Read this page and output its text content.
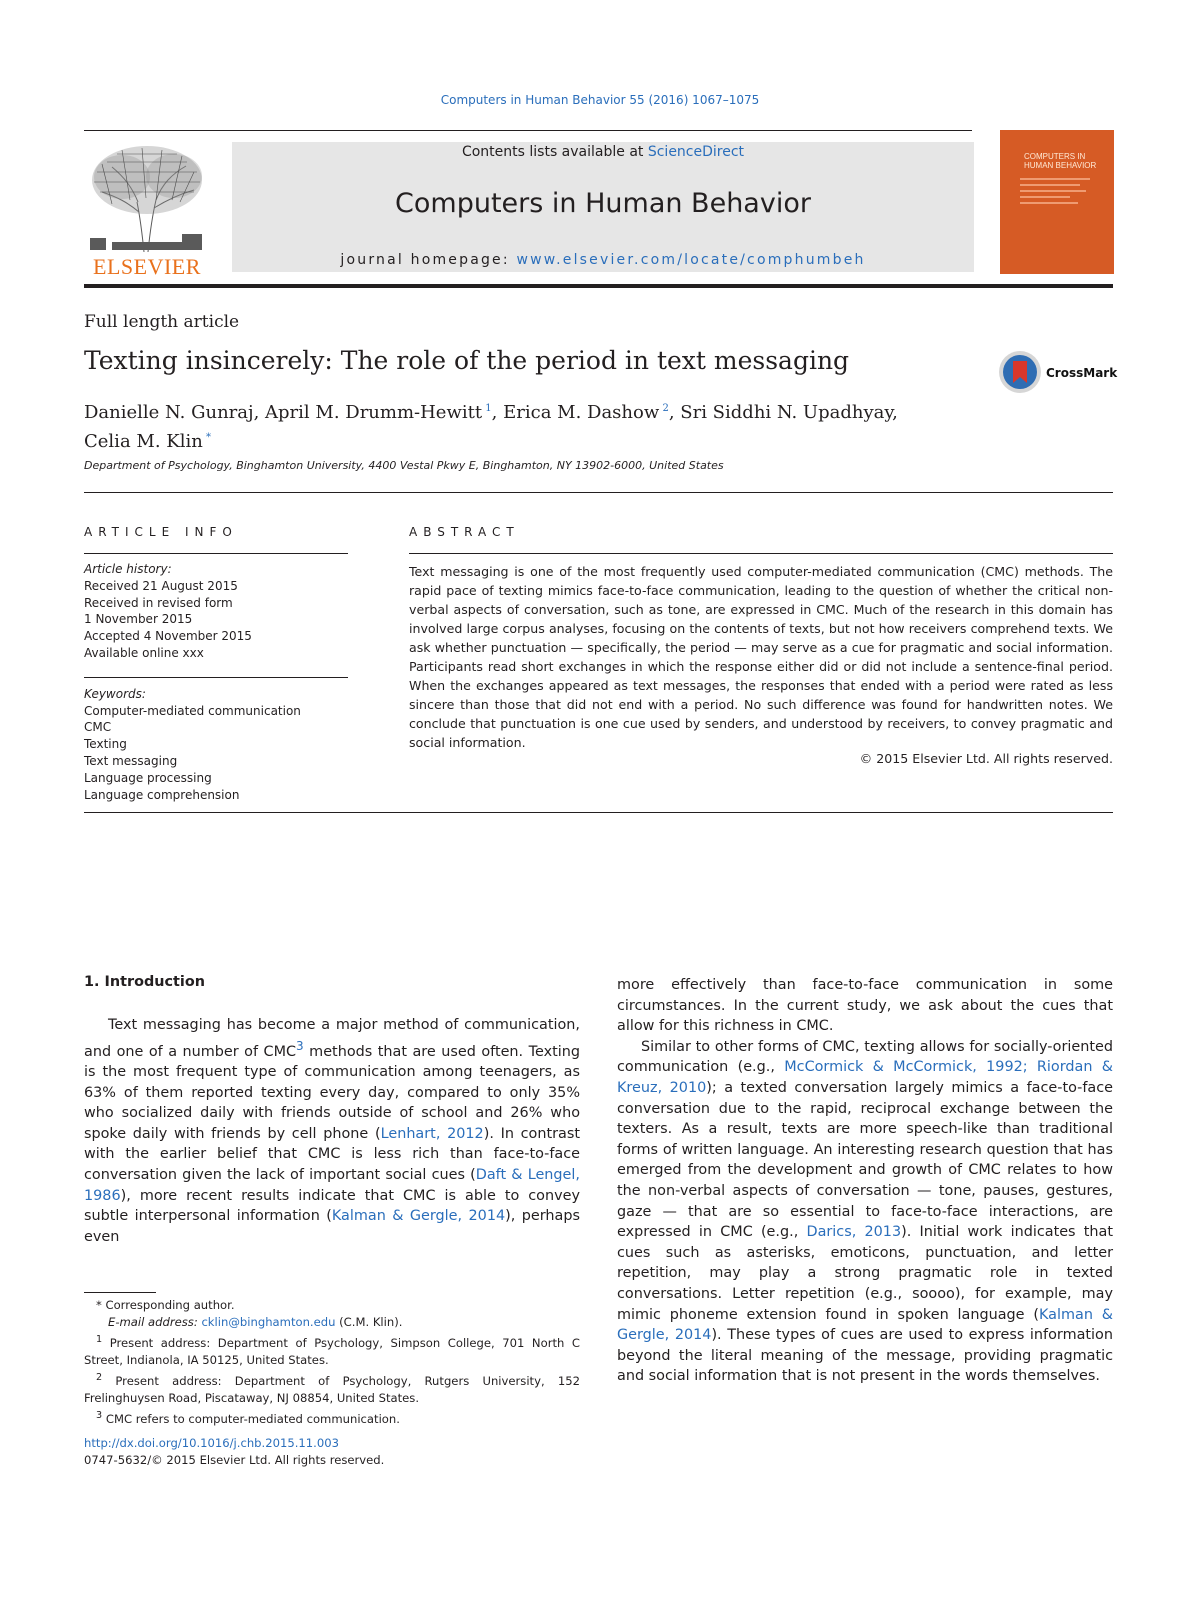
Computers in Human Behavior 55 (2016) 1067–1075
ELSEVIER
Contents lists available at ScienceDirect
Computers in Human Behavior
journal homepage: www.elsevier.com/locate/comphumbeh
COMPUTERS IN HUMAN BEHAVIOR
Full length article
Texting insincerely: The role of the period in text messaging	CrossMark
Danielle N. Gunraj, April M. Drumm-Hewitt $^1$, Erica M. Dashow $^2$, Sri Siddhi N. Upadhyay,
Celia M. Klin *
Department of Psychology, Binghamton University, 4400 Vestal Pkwy E, Binghamton, NY 13902-6000, United States
ARTICLE INFO	ABSTRACT
Article history:
Received 21 August 2015
Received in revised form
1 November 2015
Accepted 4 November 2015
Available online xxx
Keywords:
Computer-mediated communication
CMC
Texting
Text messaging
Language processing
Language comprehension
Text messaging is one of the most frequently used computer-mediated communication (CMC) methods. The rapid pace of texting mimics face-to-face communication, leading to the question of whether the critical non-verbal aspects of conversation, such as tone, are expressed in CMC. Much of the research in this domain has involved large corpus analyses, focusing on the contents of texts, but not how receivers comprehend texts. We ask whether punctuation — specifically, the period — may serve as a cue for pragmatic and social information. Participants read short exchanges in which the response either did or did not include a sentence-final period. When the exchanges appeared as text messages, the responses that ended with a period were rated as less sincere than those that did not end with a period. No such difference was found for handwritten notes. We conclude that punctuation is one cue used by senders, and understood by receivers, to convey pragmatic and social information.
© 2015 Elsevier Ltd. All rights reserved.
1. Introduction

Text messaging has become a major method of communication, and one of a number of CMC$^3$ methods that are used often. Texting is the most frequent type of communication among teenagers, as 63% of them reported texting every day, compared to only 35% who socialized daily with friends outside of school and 26% who spoke daily with friends by cell phone (Lenhart, 2012). In contrast with the earlier belief that CMC is less rich than face-to-face conversation given the lack of important social cues (Daft & Lengel, 1986), more recent results indicate that CMC is able to convey subtle interpersonal information (Kalman & Gergle, 2014), perhaps even

more effectively than face-to-face communication in some circumstances. In the current study, we ask about the cues that allow for this richness in CMC.

Similar to other forms of CMC, texting allows for socially-oriented communication (e.g., McCormick & McCormick, 1992; Riordan & Kreuz, 2010); a texted conversation largely mimics a face-to-face conversation due to the rapid, reciprocal exchange between the texters. As a result, texts are more speech-like than traditional forms of written language. An interesting research question that has emerged from the development and growth of CMC relates to how the non-verbal aspects of conversation — tone, pauses, gestures, gaze — that are so essential to face-to-face interactions, are expressed in CMC (e.g., Darics, 2013). Initial work indicates that cues such as asterisks, emoticons, punctuation, and letter repetition, may play a strong pragmatic role in texted conversations. Letter repetition (e.g., soooo), for example, may mimic phoneme extension found in spoken language (Kalman & Gergle, 2014). These types of cues are used to express information beyond the literal meaning of the message, providing pragmatic and social information that is not present in the words themselves.

* Corresponding author.

E-mail address: cklin@binghamton.edu (C.M. Klin).

$^1$ Present address: Department of Psychology, Simpson College, 701 North C Street, Indianola, IA 50125, United States.

$^2$ Present address: Department of Psychology, Rutgers University, 152 Frelinghuysen Road, Piscataway, NJ 08854, United States.

$^3$ CMC refers to computer-mediated communication.

http://dx.doi.org/10.1016/j.chb.2015.11.003
0747-5632/© 2015 Elsevier Ltd. All rights reserved.
